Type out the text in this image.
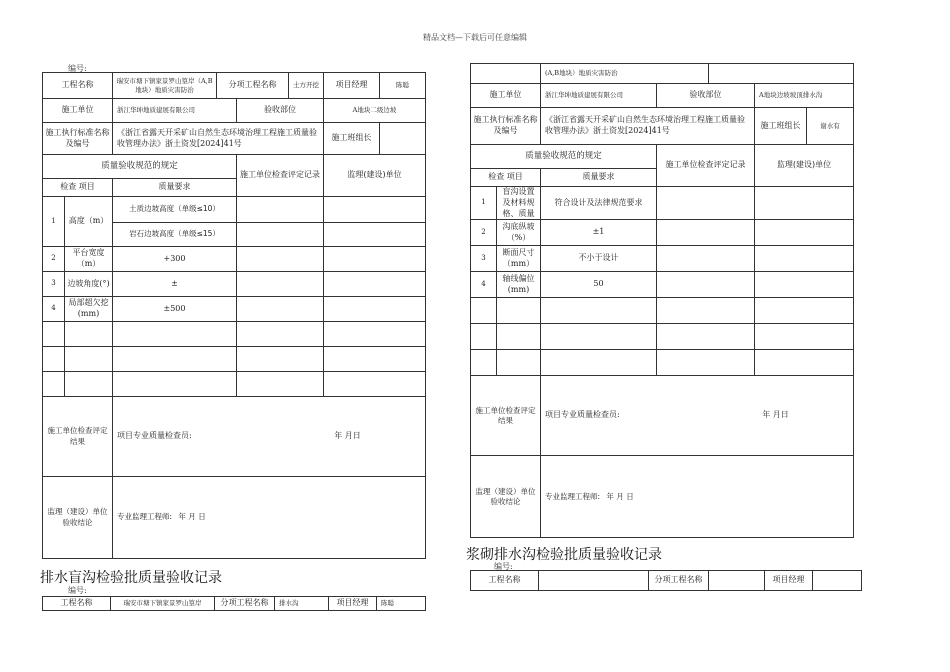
精品文档—下载后可任意编辑
编号:
工程名称		瑞安市塘下镇家景罗山篁岸（A,B地块）地质灾害防治	分项工程名称		土方开挖	项目经理	陈聪
施工单位		浙江华坤地质建展有限公司		验收部位		A地块二级边坡	
施工执行标准名称及编号		《浙江省露天开采矿山自然生态环境治理工程施工质量验收管理办法》浙土资发[2024]41号				施工班组长	
质量验收规范的规定				施工单位检查评定记录		监理(建设)单位	
检查 项目		质量要求					
1	高度（m）	土质边坡高度（单级≤10）					
		岩石边坡高度（单级≤15）					
2	平台宽度（m）	+300					
3	边坡角度(°)	±					
4	局部超欠挖(mm)	±500					

施工单位检查评定结果		项目专业质量检查员: 年 月日					
监理（建设）单位验收结论		专业监理工程师: 年 月 日					
排水盲沟检验批质量验收记录
编号:
工程名称	瑞安市塘下镇家景罗山篁岸	分项工程名称	排水沟	项目经理	陈聪
		(A,B地块）地质灾害防治				
施工单位		浙江华坤地质建展有限公司	验收部位		A地块边坡坡顶排水沟	
施工执行标准名称及编号		《浙江省露天开采矿山自然生态环境治理工程施工质量验收管理办法》浙土资发[2024]41号			施工班组长	谢水有
质量验收规范的规定			施工单位检查评定记录		监理(建设)单位	
检查 项目		质量要求				
1	盲沟设置及材料规格、质量	符合设计及法律规范要求				
2	沟底纵坡（%）	±1				
3	断面尺寸（mm）	不小于设计				
4	轴线偏位(mm)	50				

施工单位检查评定结果		项目专业质量检查员: 年 月日				
监理（建设）单位验收结论		专业监理工程师: 年 月 日				
浆砌排水沟检验批质量验收记录
编号:
工程名称		分项工程名称		项目经理	
